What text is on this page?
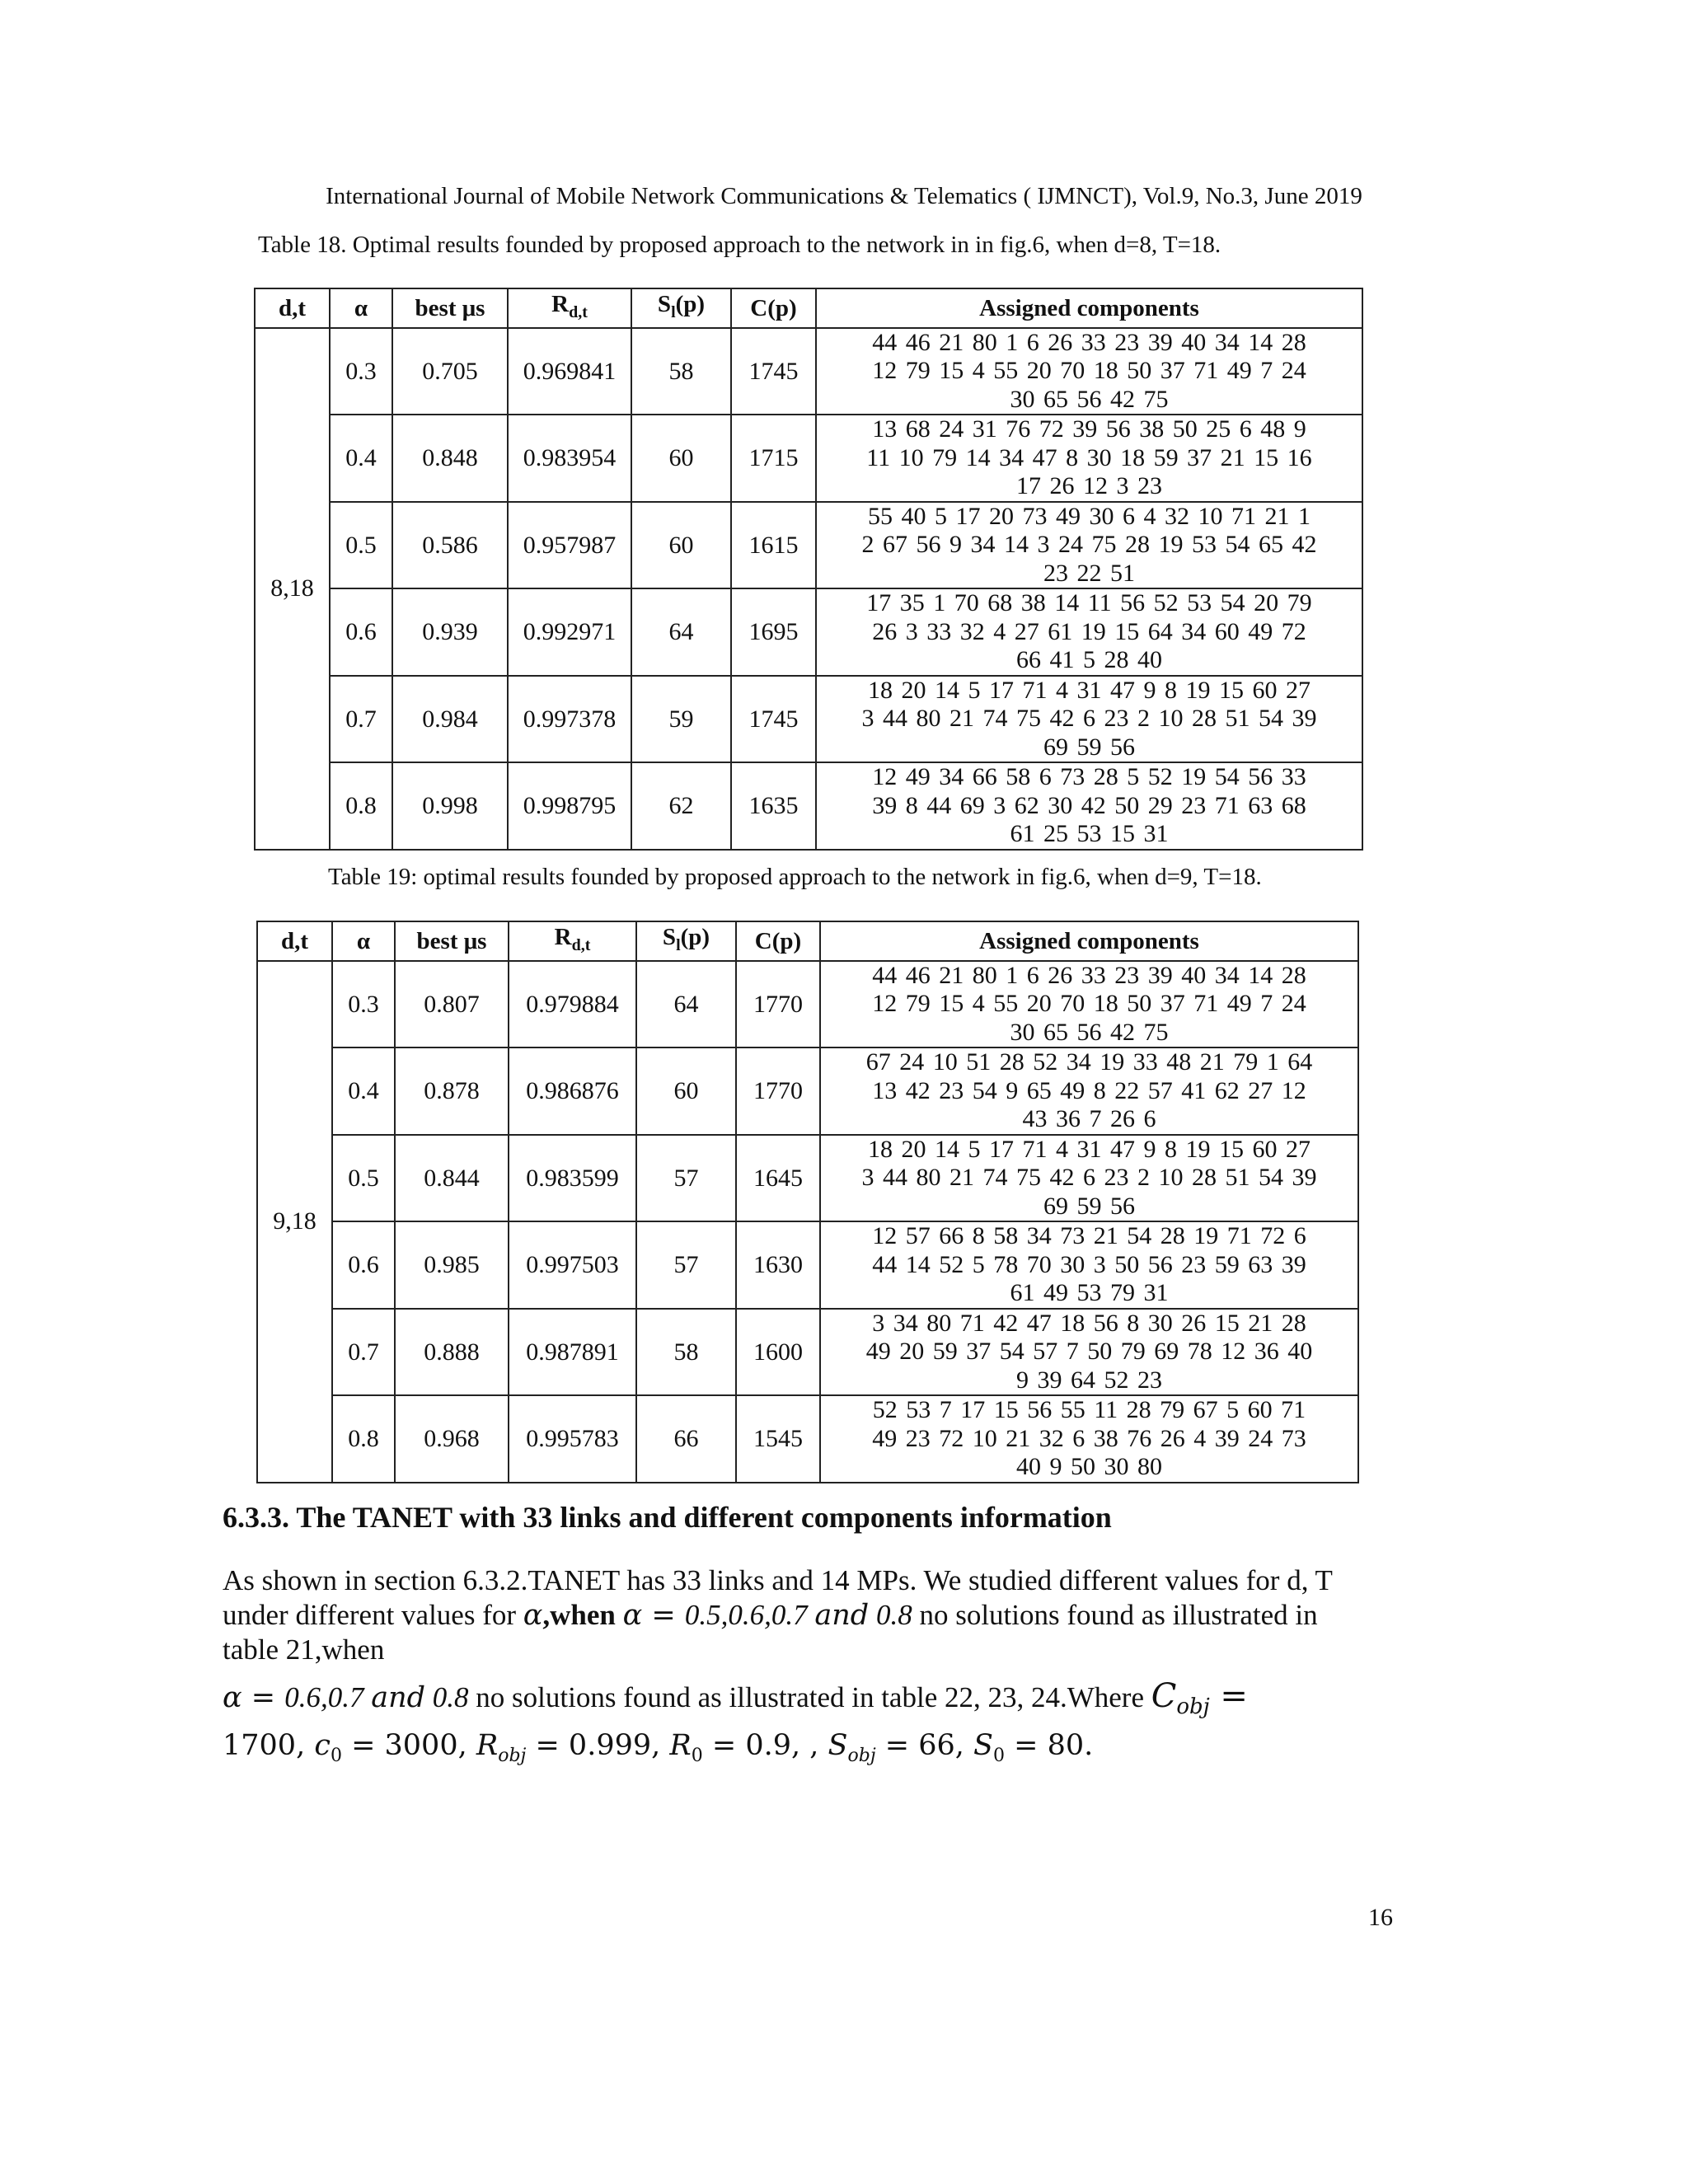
International Journal of Mobile Network Communications & Telematics ( IJMNCT), Vol.9, No.3, June 2019
Table 18. Optimal results founded by proposed approach to the network in in fig.6, when d=8, T=18.
d,t	α	best μs	$R_{d,t}$	$S_l(p)$	C(p)	Assigned components
8,18	0.3	0.705	0.969841	58	1745	44 46 21 80 1 6 26 33 23 39 40 34 14 28
12 79 15 4 55 20 70 18 50 37 71 49 7 24
30 65 56 42 75

	0.4	0.848	0.983954	60	1715	13 68 24 31 76 72 39 56 38 50 25 6 48 9
11 10 79 14 34 47 8 30 18 59 37 21 15 16
17 26 12 3 23

	0.5	0.586	0.957987	60	1615	55 40 5 17 20 73 49 30 6 4 32 10 71 21 1
2 67 56 9 34 14 3 24 75 28 19 53 54 65 42
23 22 51

	0.6	0.939	0.992971	64	1695	17 35 1 70 68 38 14 11 56 52 53 54 20 79
26 3 33 32 4 27 61 19 15 64 34 60 49 72
66 41 5 28 40

	0.7	0.984	0.997378	59	1745	18 20 14 5 17 71 4 31 47 9 8 19 15 60 27
3 44 80 21 74 75 42 6 23 2 10 28 51 54 39
69 59 56

	0.8	0.998	0.998795	62	1635	12 49 34 66 58 6 73 28 5 52 19 54 56 33
39 8 44 69 3 62 30 42 50 29 23 71 63 68
61 25 53 15 31
Table 19: optimal results founded by proposed approach to the network in fig.6, when d=9, T=18.
d,t	α	best μs	$R_{d,t}$	$S_l(p)$	C(p)	Assigned components
9,18	0.3	0.807	0.979884	64	1770	44 46 21 80 1 6 26 33 23 39 40 34 14 28
12 79 15 4 55 20 70 18 50 37 71 49 7 24
30 65 56 42 75

	0.4	0.878	0.986876	60	1770	67 24 10 51 28 52 34 19 33 48 21 79 1 64
13 42 23 54 9 65 49 8 22 57 41 62 27 12
43 36 7 26 6

	0.5	0.844	0.983599	57	1645	18 20 14 5 17 71 4 31 47 9 8 19 15 60 27
3 44 80 21 74 75 42 6 23 2 10 28 51 54 39
69 59 56

	0.6	0.985	0.997503	57	1630	12 57 66 8 58 34 73 21 54 28 19 71 72 6
44 14 52 5 78 70 30 3 50 56 23 59 63 39
61 49 53 79 31

	0.7	0.888	0.987891	58	1600	3 34 80 71 42 47 18 56 8 30 26 15 21 28
49 20 59 37 54 57 7 50 79 69 78 12 36 40
9 39 64 52 23

	0.8	0.968	0.995783	66	1545	52 53 7 17 15 56 55 11 28 79 67 5 60 71
49 23 72 10 21 32 6 38 76 26 4 39 24 73
40 9 50 30 80
6.3.3. The TANET with 33 links and different components information
As shown in section 6.3.2.TANET has 33 links and 14 MPs. We studied different values for d, T
under different values for α,when α = 0.5,0.6,0.7 and 0.8 no solutions found as illustrated in
table 21,when
α = 0.6,0.7 and 0.8 no solutions found as illustrated in table 22, 23, 24.Where $C_{obj}$ =
1700, $c_0 = 3000$, $R_{obj} = 0.999$, $R_0 = 0.9$, , $S_{obj} = 66$, $S_0 = 80$.
16
